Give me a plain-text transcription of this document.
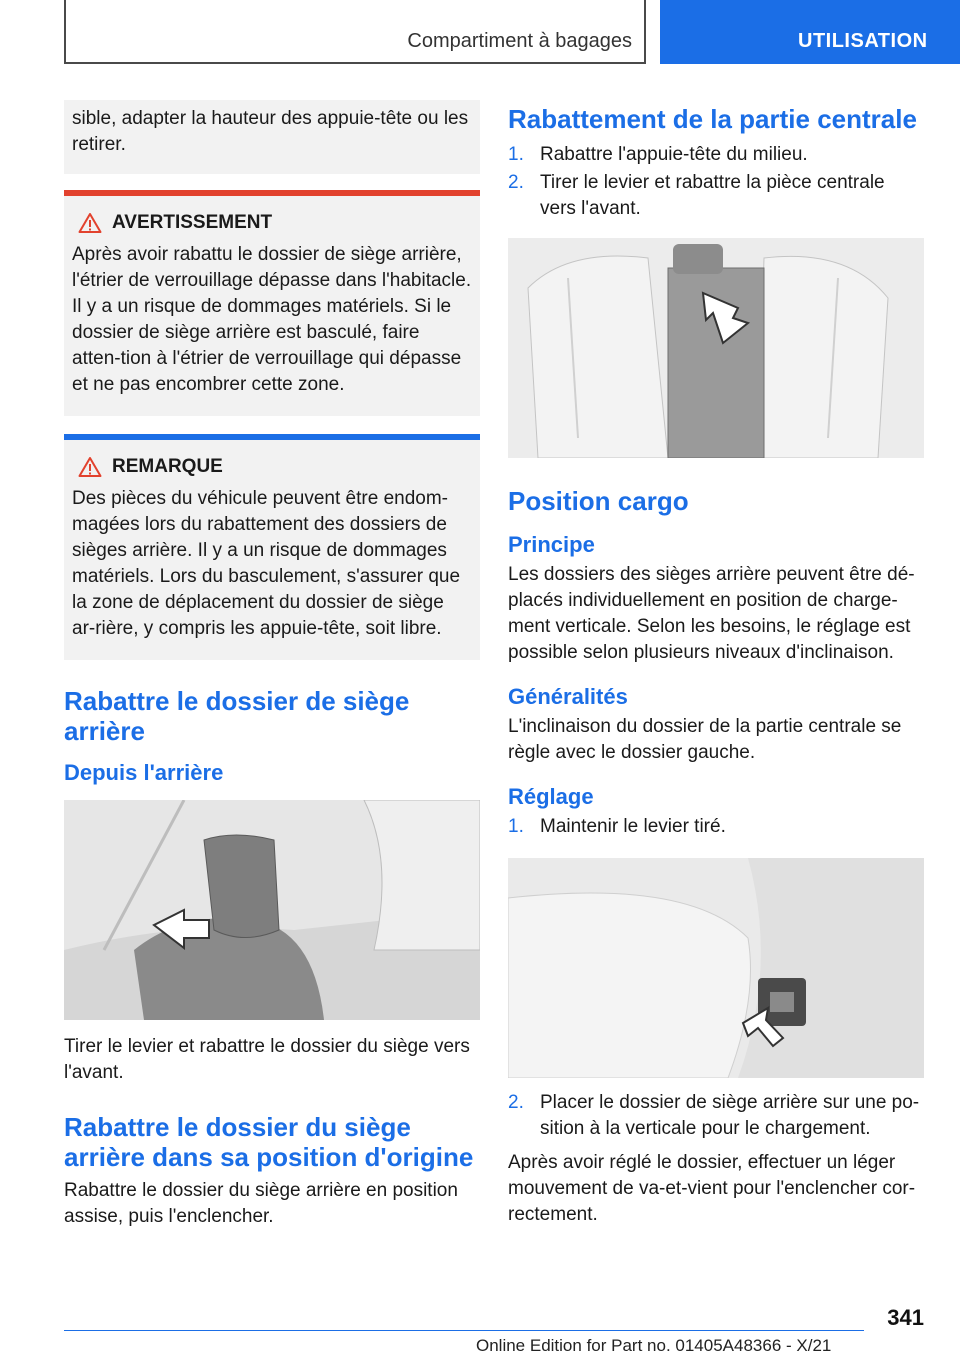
Compartiment à bagages	UTILISATION

sible, adapter la hauteur des appuie-tête ou les retirer.

AVERTISSEMENT

Après avoir rabattu le dossier de siège arrière, l'étrier de verrouillage dépasse dans l'habitacle. Il y a un risque de dommages matériels. Si le dossier de siège arrière est basculé, faire atten-tion à l'étrier de verrouillage qui dépasse et ne pas encombrer cette zone.

REMARQUE

Des pièces du véhicule peuvent être endom-magées lors du rabattement des dossiers de sièges arrière. Il y a un risque de dommages matériels. Lors du basculement, s'assurer que la zone de déplacement du dossier de siège ar-rière, y compris les appuie-tête, soit libre.

Rabattre le dossier de siège arrière
Depuis l'arrière

Tirer le levier et rabattre le dossier du siège vers l'avant.

Rabattre le dossier du siège arrière dans sa position d'origine

Rabattre le dossier du siège arrière en position assise, puis l'enclencher.

Rabattement de la partie centrale
1. Rabattre l'appuie-tête du milieu.
2. Tirer le levier et rabattre la pièce centrale vers l'avant.
Position cargo
Principe

Les dossiers des sièges arrière peuvent être dé-placés individuellement en position de charge-ment verticale. Selon les besoins, le réglage est possible selon plusieurs niveaux d'inclinaison.

Généralités

L'inclinaison du dossier de la partie centrale se règle avec le dossier gauche.

Réglage
1. Maintenir le levier tiré.
2. Placer le dossier de siège arrière sur une po-sition à la verticale pour le chargement.

Après avoir réglé le dossier, effectuer un léger mouvement de va-et-vient pour l'enclencher cor-rectement.

341
Online Edition for Part no. 01405A48366 - X/21
